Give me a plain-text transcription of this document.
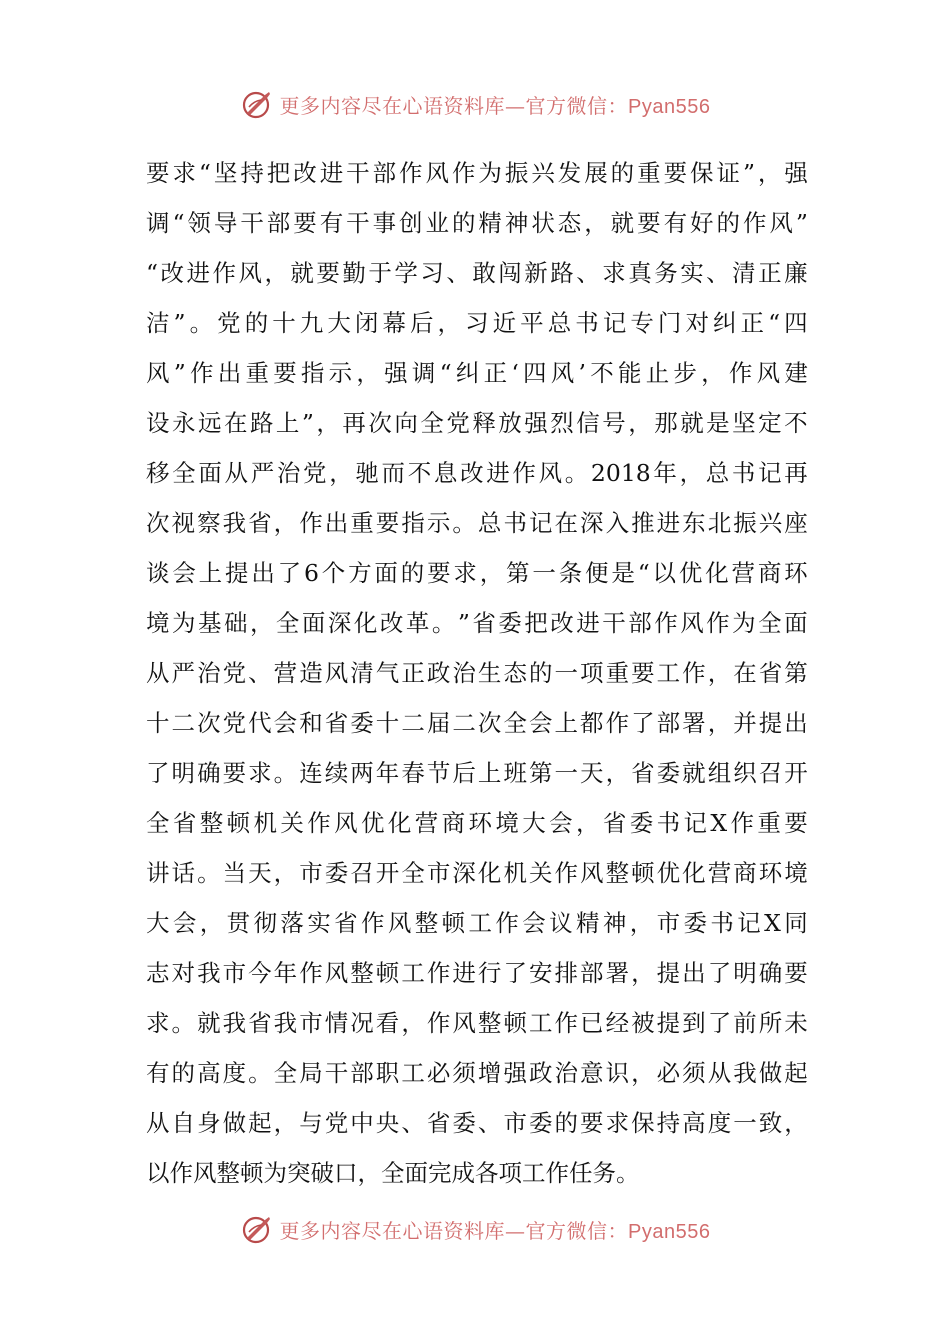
更多内容尽在心语资料库—官方微信：Pyan556
要 求 “ 坚 持 把 改 进 干 部 作 风 作 为 振 兴 发 展 的 重 要 保 证 ” ， 强
调 “ 领 导 干 部 要 有 干 事 创 业 的 精 神 状 态 ， 就 要 有 好 的 作 风 ”
“ 改 进 作 风 ， 就 要 勤 于 学 习 、 敢 闯 新 路 、 求 真 务 实 、 清 正 廉
洁 ” 。 党 的 十 九 大 闭 幕 后 ， 习 近 平 总 书 记 专 门 对 纠 正 “ 四
风 ” 作 出 重 要 指 示 ， 强 调 “ 纠 正 ‘ 四 风 ’ 不 能 止 步 ， 作 风 建
设 永 远 在 路 上 ” ， 再 次 向 全 党 释 放 强 烈 信 号 ， 那 就 是 坚 定 不
移 全 面 从 严 治 党 ， 驰 而 不 息 改 进 作 风 。 2018 年 ， 总 书 记 再
次 视 察 我 省 ， 作 出 重 要 指 示 。 总 书 记 在 深 入 推 进 东 北 振 兴 座
谈 会 上 提 出 了 6 个 方 面 的 要 求 ， 第 一 条 便 是 “ 以 优 化 营 商 环
境 为 基 础 ， 全 面 深 化 改 革 。 ” 省 委 把 改 进 干 部 作 风 作 为 全 面
从 严 治 党 、 营 造 风 清 气 正 政 治 生 态 的 一 项 重 要 工 作 ， 在 省 第
十 二 次 党 代 会 和 省 委 十 二 届 二 次 全 会 上 都 作 了 部 署 ， 并 提 出
了 明 确 要 求 。 连 续 两 年 春 节 后 上 班 第 一 天 ， 省 委 就 组 织 召 开
全 省 整 顿 机 关 作 风 优 化 营 商 环 境 大 会 ， 省 委 书 记 X 作 重 要
讲 话 。 当 天 ， 市 委 召 开 全 市 深 化 机 关 作 风 整 顿 优 化 营 商 环 境
大 会 ， 贯 彻 落 实 省 作 风 整 顿 工 作 会 议 精 神 ， 市 委 书 记 X 同
志 对 我 市 今 年 作 风 整 顿 工 作 进 行 了 安 排 部 署 ， 提 出 了 明 确 要
求 。 就 我 省 我 市 情 况 看 ， 作 风 整 顿 工 作 已 经 被 提 到 了 前 所 未
有 的 高 度 。 全 局 干 部 职 工 必 须 增 强 政 治 意 识 ， 必 须 从 我 做 起
从 自 身 做 起 ， 与 党 中 央 、 省 委 、 市 委 的 要 求 保 持 高 度 一 致 ，
以作风整顿为突破口，全面完成各项工作任务。
更多内容尽在心语资料库—官方微信：Pyan556
